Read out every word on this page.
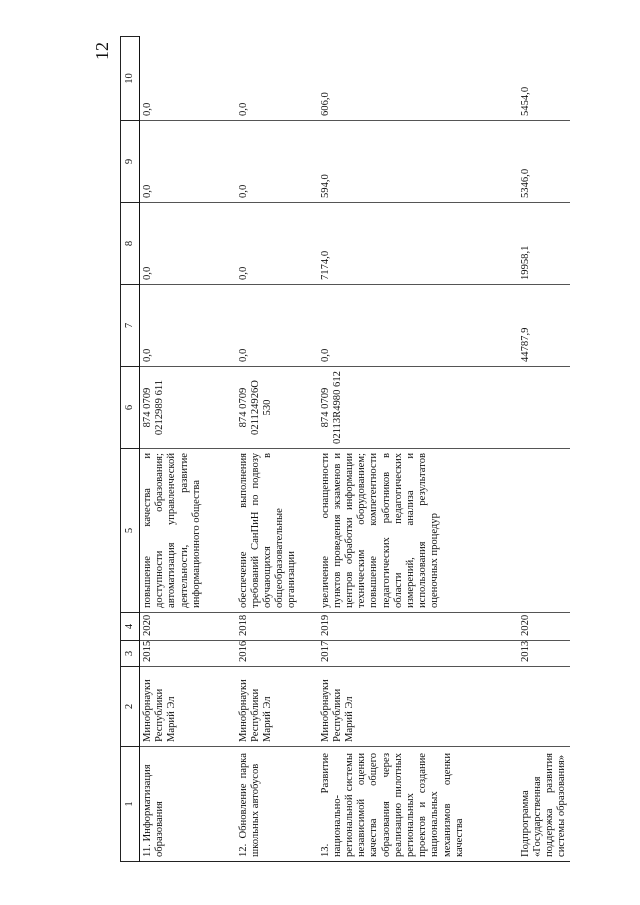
12
1	2	3	4	5	6	7	8	9	10
11. Информатизация образования	Минобрнауки Республики Марий Эл	2015	2020	повышение качества и доступности образования; автоматизация управленческой деятельности, развитие информационного общества	874 0709 0212989 611	0,0	0,0	0,0	0,0
12. Обновление парка школьных автобусов	Минобрнауки Республики Марий Эл	2016	2018	обеспечение выполнения требований СанПиН по подвозу обучающихся в общеобразовательные организации	874 0709 021124926О 530	0,0	0,0	0,0	0,0
13. Развитие национально-региональной системы независимой оценки качества общего образования через реализацию пилотных региональных проектов и создание национальных механизмов оценки качества	Минобрнауки Республики Марий Эл	2017	2019	увеличение оснащенности пунктов проведения экзаменов и центров обработки информации техническим оборудованием; повышение компетентности педагогических работников в области педагогических измерений, анализа и использования результатов оценочных процедур	874 0709 02113R4980 612	0,0	7174,0	594,0	606,0
Подпрограмма «Государственная поддержка развития системы образования»		2013	2020			44787,9	19958,1	5346,0	5454,0
